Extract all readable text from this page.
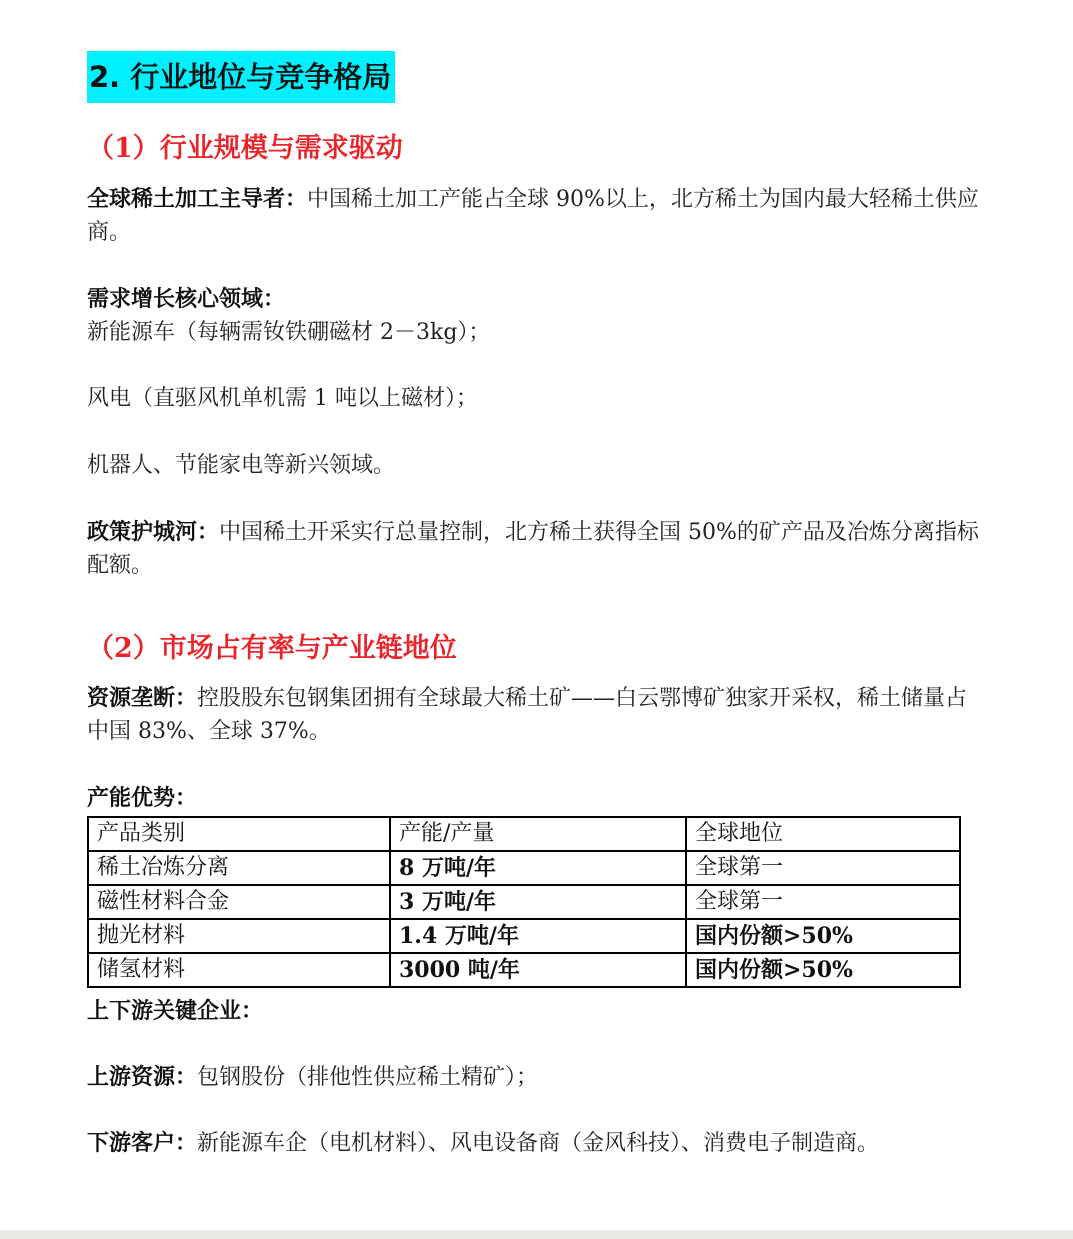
2. 行业地位与竞争格局
（1）行业规模与需求驱动
全球稀土加工主导者：中国稀土加工产能占全球 90%以上，北方稀土为国内最大轻稀土供应商。
需求增长核心领域：
新能源车（每辆需钕铁硼磁材 2－3kg）；
风电（直驱风机单机需 1 吨以上磁材）；
机器人、节能家电等新兴领域。
政策护城河：中国稀土开采实行总量控制，北方稀土获得全国 50%的矿产品及冶炼分离指标配额。
（2）市场占有率与产业链地位
资源垄断：控股股东包钢集团拥有全球最大稀土矿——白云鄂博矿独家开采权，稀土储量占中国 83%、全球 37%。
产能优势：
产品类别	产能/产量	全球地位
稀土冶炼分离	8 万吨/年	全球第一
磁性材料合金	3 万吨/年	全球第一
抛光材料	1.4 万吨/年	国内份额>50%
储氢材料	3000 吨/年	国内份额>50%
上下游关键企业：
上游资源：包钢股份（排他性供应稀土精矿）；
下游客户：新能源车企（电机材料）、风电设备商（金风科技）、消费电子制造商。
